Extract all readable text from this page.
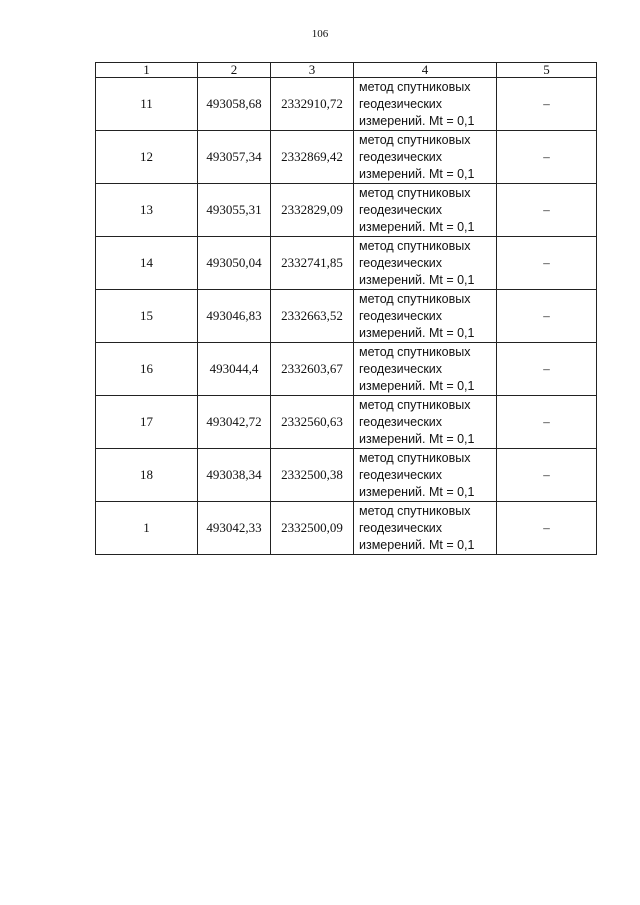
106
1	2	3	4	5
11	493058,68	2332910,72	метод спутниковых
геодезических
измерений. Mt = 0,1	–
12	493057,34	2332869,42	метод спутниковых
геодезических
измерений. Mt = 0,1	–
13	493055,31	2332829,09	метод спутниковых
геодезических
измерений. Mt = 0,1	–
14	493050,04	2332741,85	метод спутниковых
геодезических
измерений. Mt = 0,1	–
15	493046,83	2332663,52	метод спутниковых
геодезических
измерений. Mt = 0,1	–
16	493044,4	2332603,67	метод спутниковых
геодезических
измерений. Mt = 0,1	–
17	493042,72	2332560,63	метод спутниковых
геодезических
измерений. Mt = 0,1	–
18	493038,34	2332500,38	метод спутниковых
геодезических
измерений. Mt = 0,1	–
1	493042,33	2332500,09	метод спутниковых
геодезических
измерений. Mt = 0,1	–
